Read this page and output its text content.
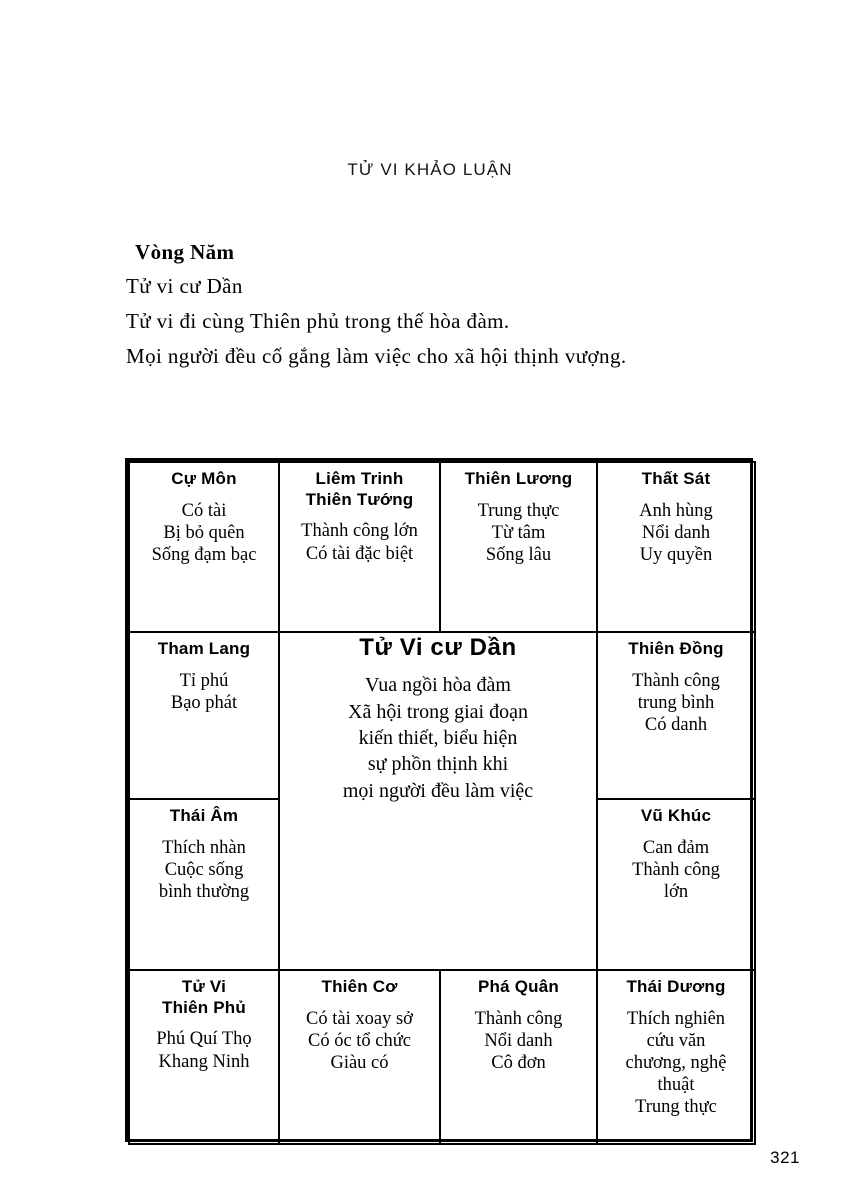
TỬ VI KHẢO LUẬN

Vòng Năm

Tử vi cư Dần

Tử vi đi cùng Thiên phủ trong thế hòa đàm.

Mọi người đều cố gắng làm việc cho xã hội thịnh vượng.

Cự Môn

Có tài

Bị bỏ quên

Sống đạm bạc

Liêm Trinh

Thiên Tướng

Thành công lớn

Có tài đặc biệt

Thiên Lương

Trung thực

Từ tâm

Sống lâu

Thất Sát

Anh hùng

Nổi danh

Uy quyền

Tham Lang

Tỉ phú

Bạo phát

Thiên Đồng

Thành công

trung bình

Có danh

Thái Âm

Thích nhàn

Cuộc sống

bình thường

Vũ Khúc

Can đảm

Thành công

lớn

Tử Vi

Thiên Phủ

Phú Quí Thọ

Khang Ninh

Thiên Cơ

Có tài xoay sở

Có óc tổ chức

Giàu có

Phá Quân

Thành công

Nổi danh

Cô đơn

Thái Dương

Thích nghiên

cứu văn

chương, nghệ

thuật

Trung thực

Tử Vi cư Dần

Vua ngồi hòa đàm

Xã hội trong giai đoạn

kiến thiết, biểu hiện

sự phồn thịnh khi

mọi người đều làm việc

321
